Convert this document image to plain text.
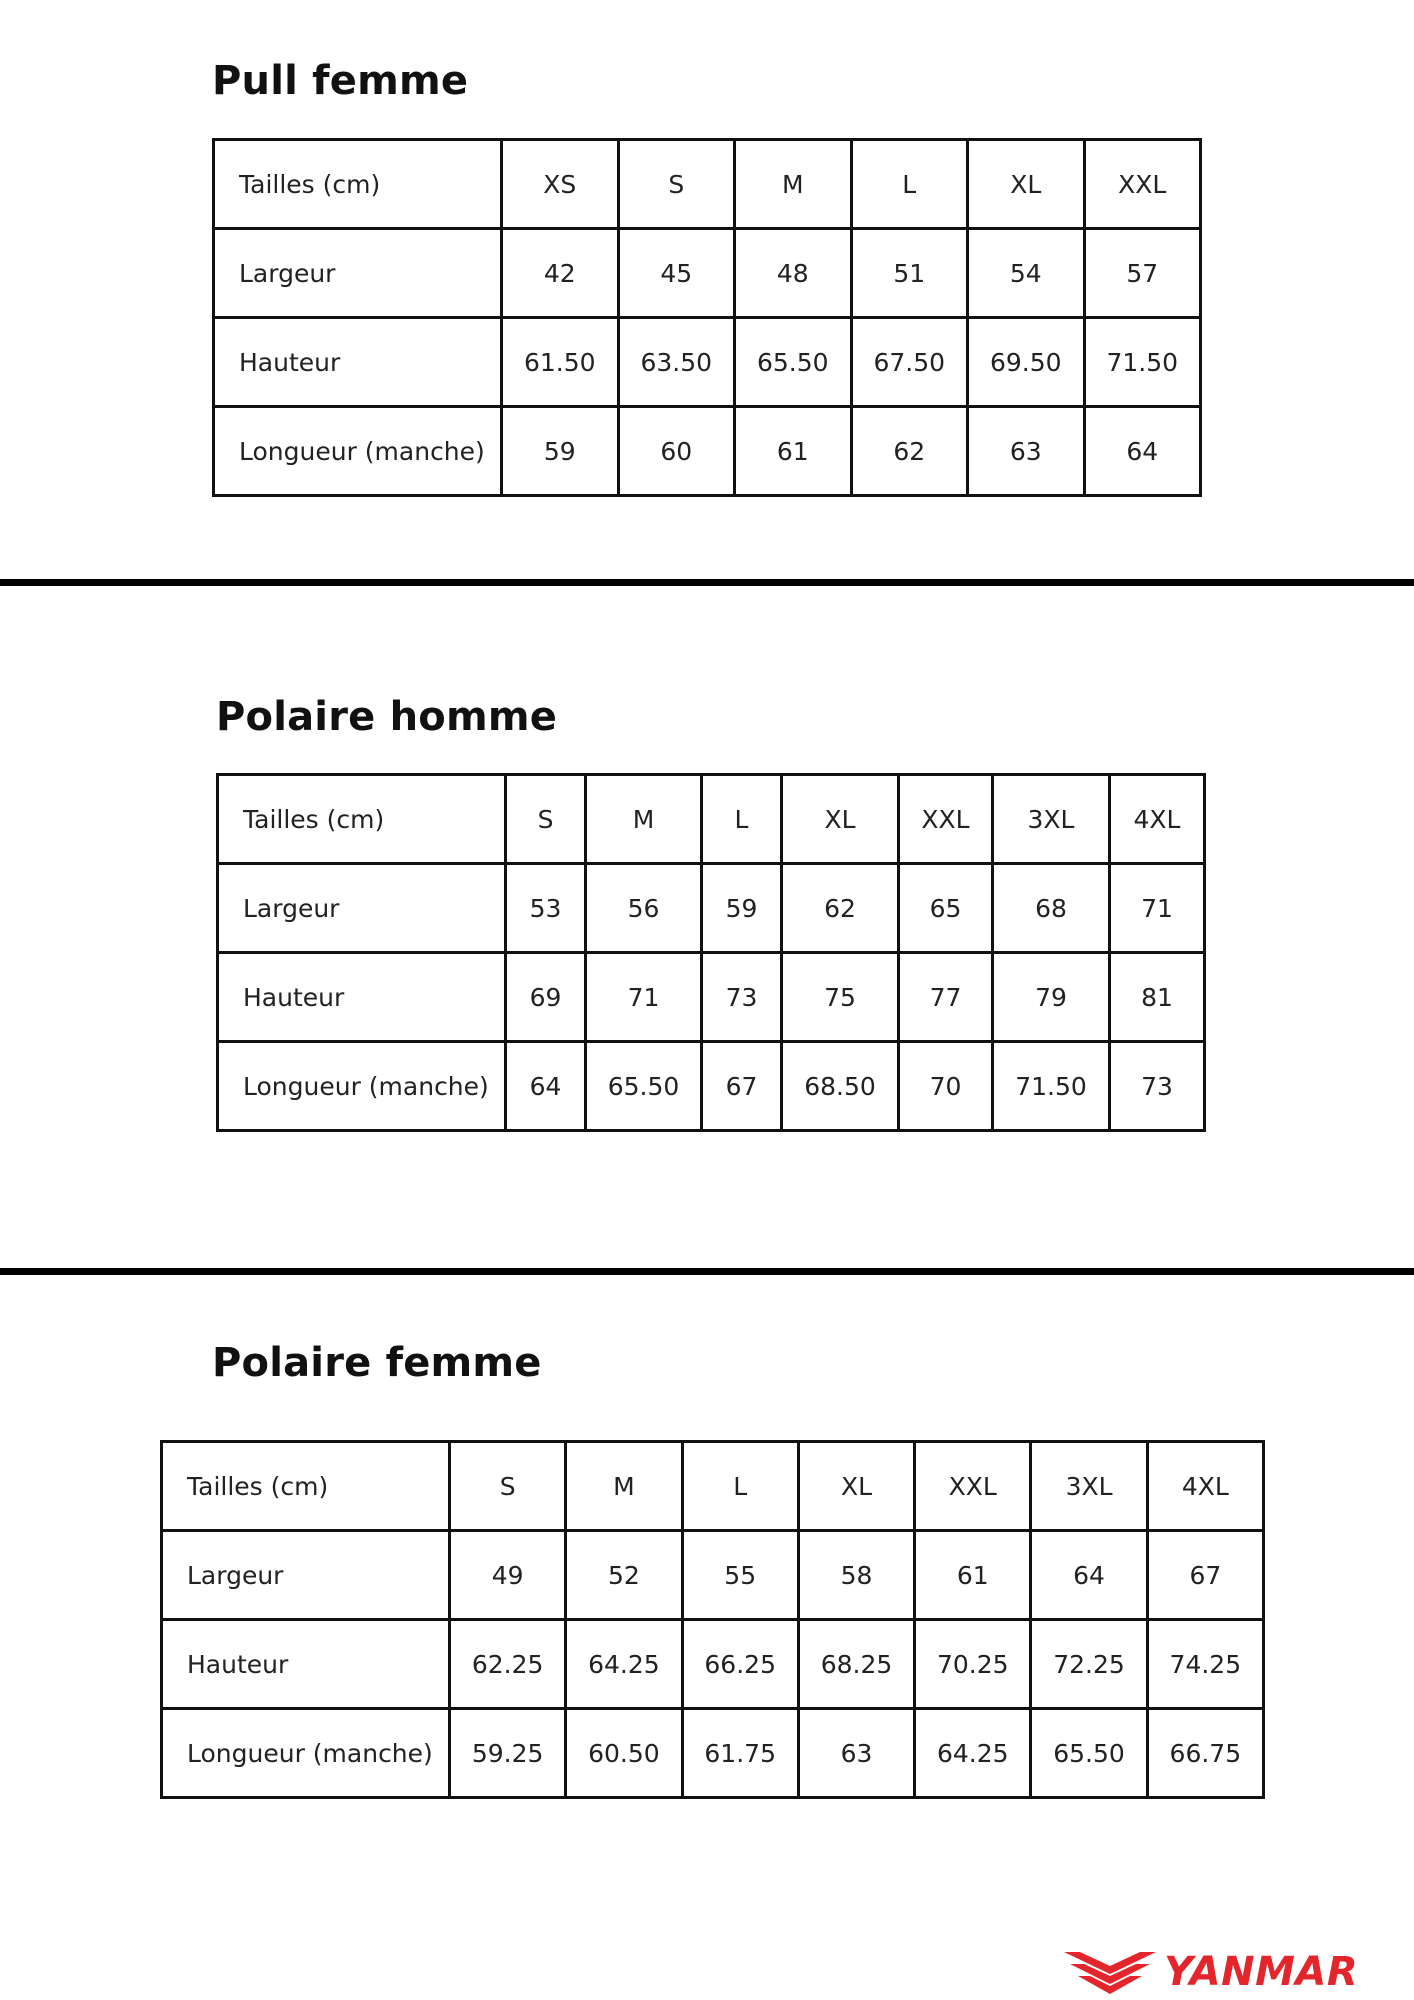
Pull femme
Tailles (cm)	XS	S	M	L	XL	XXL
Largeur	42	45	48	51	54	57
Hauteur	61.50	63.50	65.50	67.50	69.50	71.50
Longueur (manche)	59	60	61	62	63	64
Polaire homme
Tailles (cm)	S	M	L	XL	XXL	3XL	4XL
Largeur	53	56	59	62	65	68	71
Hauteur	69	71	73	75	77	79	81
Longueur (manche)	64	65.50	67	68.50	70	71.50	73
Polaire femme
Tailles (cm)	S	M	L	XL	XXL	3XL	4XL
Largeur	49	52	55	58	61	64	67
Hauteur	62.25	64.25	66.25	68.25	70.25	72.25	74.25
Longueur (manche)	59.25	60.50	61.75	63	64.25	65.50	66.75
YANMAR
